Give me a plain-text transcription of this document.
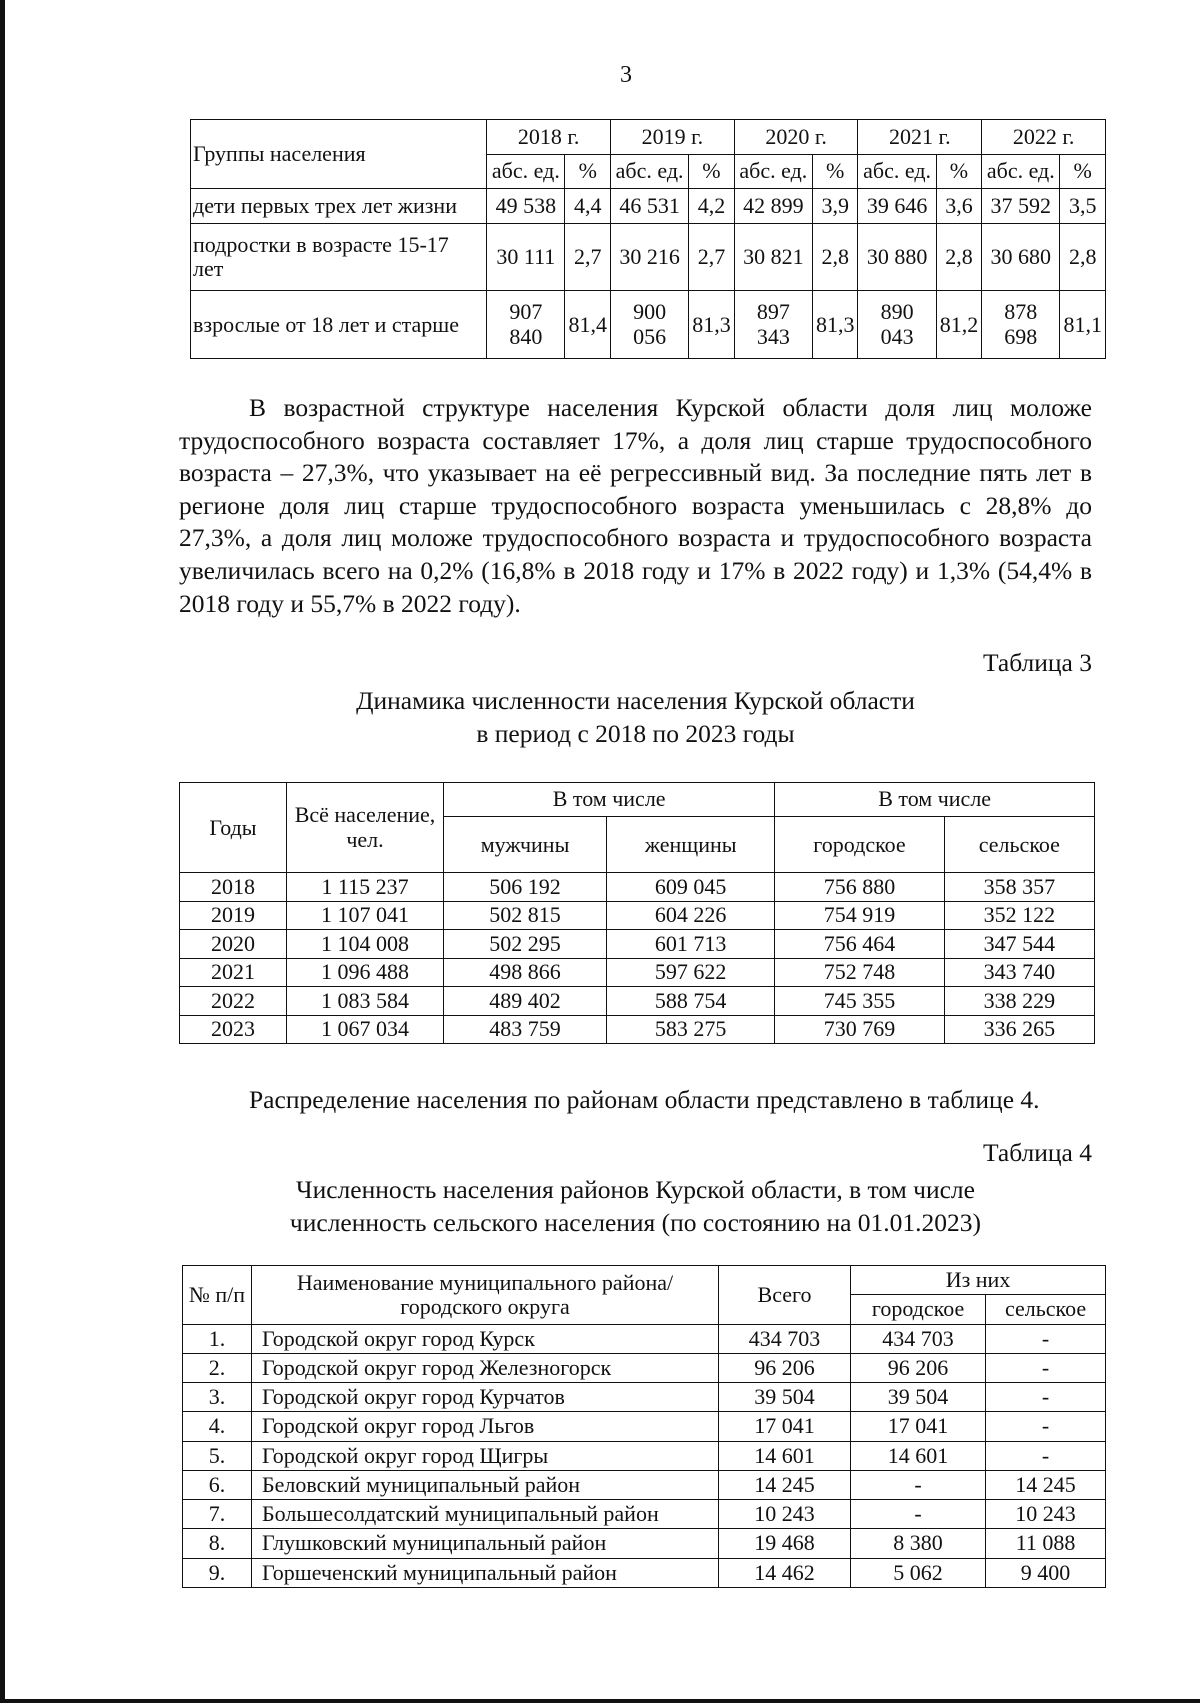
3
Группы населения	2018 г.		2019 г.		2020 г.		2021 г.		2022 г.	
	абс. ед.	%	абс. ед.	%	абс. ед.	%	абс. ед.	%	абс. ед.	%
дети первых трех лет жизни	49 538	4,4	46 531	4,2	42 899	3,9	39 646	3,6	37 592	3,5
подростки в возрасте 15-17 лет	30 111	2,7	30 216	2,7	30 821	2,8	30 880	2,8	30 680	2,8
взрослые от 18 лет и старше	907 840	81,4	900 056	81,3	897 343	81,3	890 043	81,2	878 698	81,1

В возрастной структуре населения Курской области доля лиц моложе трудоспособного возраста составляет 17%, а доля лиц старше трудоспособного возраста – 27,3%, что указывает на её регрессивный вид. За последние пять лет в регионе доля лиц старше трудоспособного возраста уменьшилась с 28,8% до 27,3%, а доля лиц моложе трудоспособного возраста и трудоспособного возраста увеличилась всего на 0,2% (16,8% в 2018 году и 17% в 2022 году) и 1,3% (54,4% в 2018 году и 55,7% в 2022 году).

Таблица 3
Динамика численности населения Курской области
в период с 2018 по 2023 годы
Годы	Всё население, чел.	В том числе		В том числе	
		мужчины	женщины	городское	сельское
2018	1 115 237	506 192	609 045	756 880	358 357
2019	1 107 041	502 815	604 226	754 919	352 122
2020	1 104 008	502 295	601 713	756 464	347 544
2021	1 096 488	498 866	597 622	752 748	343 740
2022	1 083 584	489 402	588 754	745 355	338 229
2023	1 067 034	483 759	583 275	730 769	336 265

Распределение населения по районам области представлено в таблице 4.

Таблица 4
Численность населения районов Курской области, в том числе
численность сельского населения (по состоянию на 01.01.2023)
№ п/п	Наименование муниципального района/ городского округа	Всего	Из них	
			городское	сельское
1.	Городской округ город Курск	434 703	434 703	-
2.	Городской округ город Железногорск	96 206	96 206	-
3.	Городской округ город Курчатов	39 504	39 504	-
4.	Городской округ город Льгов	17 041	17 041	-
5.	Городской округ город Щигры	14 601	14 601	-
6.	Беловский муниципальный район	14 245	-	14 245
7.	Большесолдатский муниципальный район	10 243	-	10 243
8.	Глушковский муниципальный район	19 468	8 380	11 088
9.	Горшеченский муниципальный район	14 462	5 062	9 400
